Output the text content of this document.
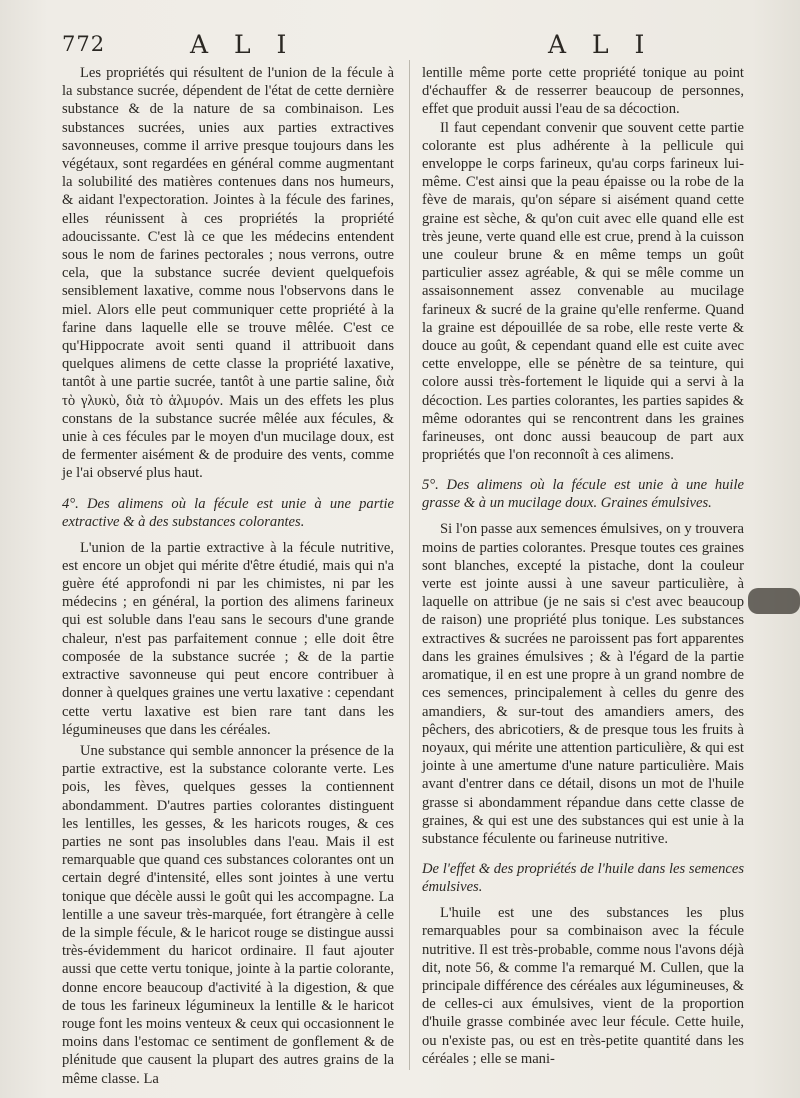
772	A L I	A L I

Les propriétés qui résultent de l'union de la fécule à la substance sucrée, dépendent de l'état de cette dernière substance & de la nature de sa combinaison. Les substances sucrées, unies aux parties extractives savonneuses, comme il arrive presque toujours dans les végétaux, sont regardées en général comme augmentant la solubilité des matières contenues dans nos humeurs, & aidant l'expectoration. Jointes à la fécule des farines, elles réunissent à ces propriétés la propriété adoucissante. C'est là ce que les médecins entendent sous le nom de farines pectorales ; nous verrons, outre cela, que la substance sucrée devient quelquefois sensiblement laxative, comme nous l'observons dans le miel. Alors elle peut communiquer cette propriété à la farine dans laquelle elle se trouve mêlée. C'est ce qu'Hippocrate avoit senti quand il attribuoit dans quelques alimens de cette classe la propriété laxative, tantôt à une partie sucrée, tantôt à une partie saline, διὰ τὸ γλυκὺ, διὰ τὸ ἁλμυρόν. Mais un des effets les plus constans de la substance sucrée mêlée aux fécules, & unie à ces fécules par le moyen d'un mucilage doux, est de fermenter aisément & de produire des vents, comme je l'ai observé plus haut.

4°. Des alimens où la fécule est unie à une partie extractive & à des substances colorantes.

L'union de la partie extractive à la fécule nutritive, est encore un objet qui mérite d'être étudié, mais qui n'a guère été approfondi ni par les chimistes, ni par les médecins ; en général, la portion des alimens farineux qui est soluble dans l'eau sans le secours d'une grande chaleur, n'est pas parfaitement connue ; elle doit être composée de la substance sucrée ; & de la partie extractive savonneuse qui peut encore contribuer à donner à quelques graines une vertu laxative : cependant cette vertu laxative est bien rare tant dans les légumineuses que dans les céréales.

Une substance qui semble annoncer la présence de la partie extractive, est la substance colorante verte. Les pois, les fèves, quelques gesses la contiennent abondamment. D'autres parties colorantes distinguent les lentilles, les gesses, & les haricots rouges, & ces parties ne sont pas insolubles dans l'eau. Mais il est remarquable que quand ces substances colorantes ont un certain degré d'intensité, elles sont jointes à une vertu tonique que décèle aussi le goût qui les accompagne. La lentille a une saveur très-marquée, fort étrangère à celle de la simple fécule, & le haricot rouge se distingue aussi très-évidemment du haricot ordinaire. Il faut ajouter aussi que cette vertu tonique, jointe à la partie colorante, donne encore beaucoup d'activité à la digestion, & que de tous les farineux légumineux la lentille & le haricot rouge font les moins venteux & ceux qui occasionnent le moins dans l'estomac ce sentiment de gonflement & de plénitude que causent la plupart des autres grains de la même classe. La

lentille même porte cette propriété tonique au point d'échauffer & de resserrer beaucoup de personnes, effet que produit aussi l'eau de sa décoction.

Il faut cependant convenir que souvent cette partie colorante est plus adhérente à la pellicule qui enveloppe le corps farineux, qu'au corps farineux lui-même. C'est ainsi que la peau épaisse ou la robe de la fève de marais, qu'on sépare si aisément quand cette graine est sèche, & qu'on cuit avec elle quand elle est très jeune, verte quand elle est crue, prend à la cuisson une couleur brune & en même temps un goût particulier assez agréable, & qui se mêle comme un assaisonnement assez convenable au mucilage farineux & sucré de la graine qu'elle renferme. Quand la graine est dépouillée de sa robe, elle reste verte & douce au goût, & cependant quand elle est cuite avec cette enveloppe, elle se pénètre de sa teinture, qui colore aussi très-fortement le liquide qui a servi à la décoction. Les parties colorantes, les parties sapides & même odorantes qui se rencontrent dans les graines farineuses, ont donc aussi beaucoup de part aux propriétés que l'on reconnoît à ces alimens.

5°. Des alimens où la fécule est unie à une huile grasse & à un mucilage doux. Graines émulsives.

Si l'on passe aux semences émulsives, on y trouvera moins de parties colorantes. Presque toutes ces graines sont blanches, excepté la pistache, dont la couleur verte est jointe aussi à une saveur particulière, à laquelle on attribue (je ne sais si c'est avec beaucoup de raison) une propriété plus tonique. Les substances extractives & sucrées ne paroissent pas fort apparentes dans les graines émulsives ; & à l'égard de la partie aromatique, il en est une propre à un grand nombre de ces semences, principalement à celles du genre des amandiers, & sur-tout des amandiers amers, des pêchers, des abricotiers, & de presque tous les fruits à noyaux, qui mérite une attention particulière, & qui est jointe à une amertume d'une nature particulière. Mais avant d'entrer dans ce détail, disons un mot de l'huile grasse si abondamment répandue dans cette classe de graines, & qui est une des substances qui est unie à la substance féculente ou farineuse nutritive.

De l'effet & des propriétés de l'huile dans les semences émulsives.

L'huile est une des substances les plus remarquables pour sa combinaison avec la fécule nutritive. Il est très-probable, comme nous l'avons déjà dit, note 56, & comme l'a remarqué M. Cullen, que la principale différence des céréales aux légumineuses, & de celles-ci aux émulsives, vient de la proportion d'huile grasse combinée avec leur fécule. Cette huile, ou n'existe pas, ou est en très-petite quantité dans les céréales ; elle se mani-
